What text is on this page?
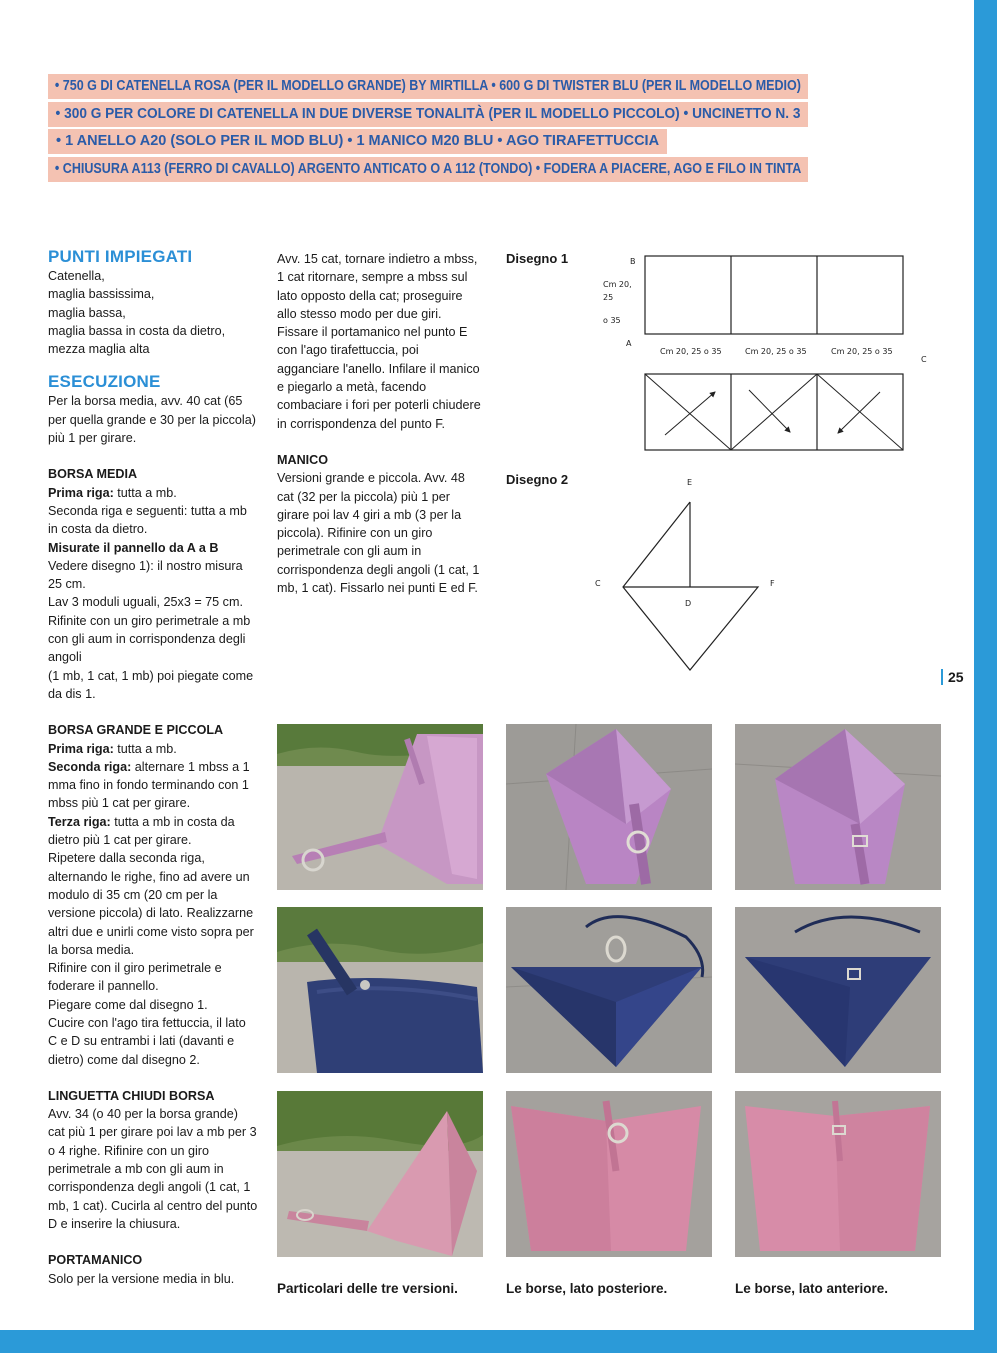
• 750 G DI CATENELLA ROSA (PER IL MODELLO GRANDE) BY MIRTILLA • 600 G DI TWISTER BLU (PER IL MODELLO MEDIO)
• 300 G PER COLORE DI CATENELLA IN DUE DIVERSE TONALITÀ (PER IL MODELLO PICCOLO) • UNCINETTO N. 3
• 1 ANELLO A20 (SOLO PER IL MOD BLU) • 1 MANICO M20 BLU • AGO TIRAFETTUCCIA
• CHIUSURA A113 (FERRO DI CAVALLO) ARGENTO ANTICATO O A 112 (TONDO) • FODERA A PIACERE, AGO E FILO IN TINTA

PUNTI IMPIEGATI

Catenella,

maglia bassissima,

maglia bassa,

maglia bassa in costa da dietro,

mezza maglia alta

ESECUZIONE

Per la borsa media, avv. 40 cat (65 per quella grande e 30 per la piccola) più 1 per girare.

BORSA MEDIA

Prima riga: tutta a mb.

Seconda riga e seguenti: tutta a mb in costa da dietro.

Misurate il pannello da A a B

Vedere disegno 1): il nostro misura 25 cm.

Lav 3 moduli uguali, 25x3 = 75 cm. Rifinite con un giro perimetrale a mb con gli aum in corrispondenza degli angoli

(1 mb, 1 cat, 1 mb) poi piegate come da dis 1.

BORSA GRANDE E PICCOLA

Prima riga: tutta a mb.

Seconda riga: alternare 1 mbss a 1 mma fino in fondo terminando con 1 mbss più 1 cat per girare.

Terza riga: tutta a mb in costa da dietro più 1 cat per girare.

Ripetere dalla seconda riga, alternando le righe, fino ad avere un modulo di 35 cm (20 cm per la versione piccola) di lato. Realizzarne altri due e unirli come visto sopra per la borsa media.

Rifinire con il giro perimetrale e foderare il pannello.

Piegare come dal disegno 1.

Cucire con l'ago tira fettuccia, il lato C e D su entrambi i lati (davanti e dietro) come dal disegno 2.

LINGUETTA CHIUDI BORSA

Avv. 34 (o 40 per la borsa grande) cat più 1 per girare poi lav a mb per 3 o 4 righe. Rifinire con un giro perimetrale a mb con gli aum in corrispondenza degli angoli (1 cat, 1 mb, 1 cat). Cucirla al centro del punto D e inserire la chiusura.

PORTAMANICO

Solo per la versione media in blu.

Avv. 15 cat, tornare indietro a mbss, 1 cat ritornare, sempre a mbss sul lato opposto della cat; proseguire allo stesso modo per due giri. Fissare il portamanico nel punto E con l'ago tirafettuccia, poi agganciare l'anello. Infilare il manico e piegarlo a metà, facendo combaciare i fori per poterli chiudere in corrispondenza del punto F.

MANICO

Versioni grande e piccola. Avv. 48 cat (32 per la piccola) più 1 per girare poi lav 4 giri a mb (3 per la piccola). Rifinire con un giro perimetrale con gli aum in corrispondenza degli angoli (1 cat, 1 mb, 1 cat). Fissarlo nei punti E ed F.

Disegno 1	B
Cm 20,
25
o 35
A
C
Cm 20, 25 o 35	Cm 20, 25 o 35	Cm 20, 25 o 35
Disegno 2	E
C	F
D
25
Particolari delle tre versioni.	Le borse, lato posteriore.	Le borse, lato anteriore.
